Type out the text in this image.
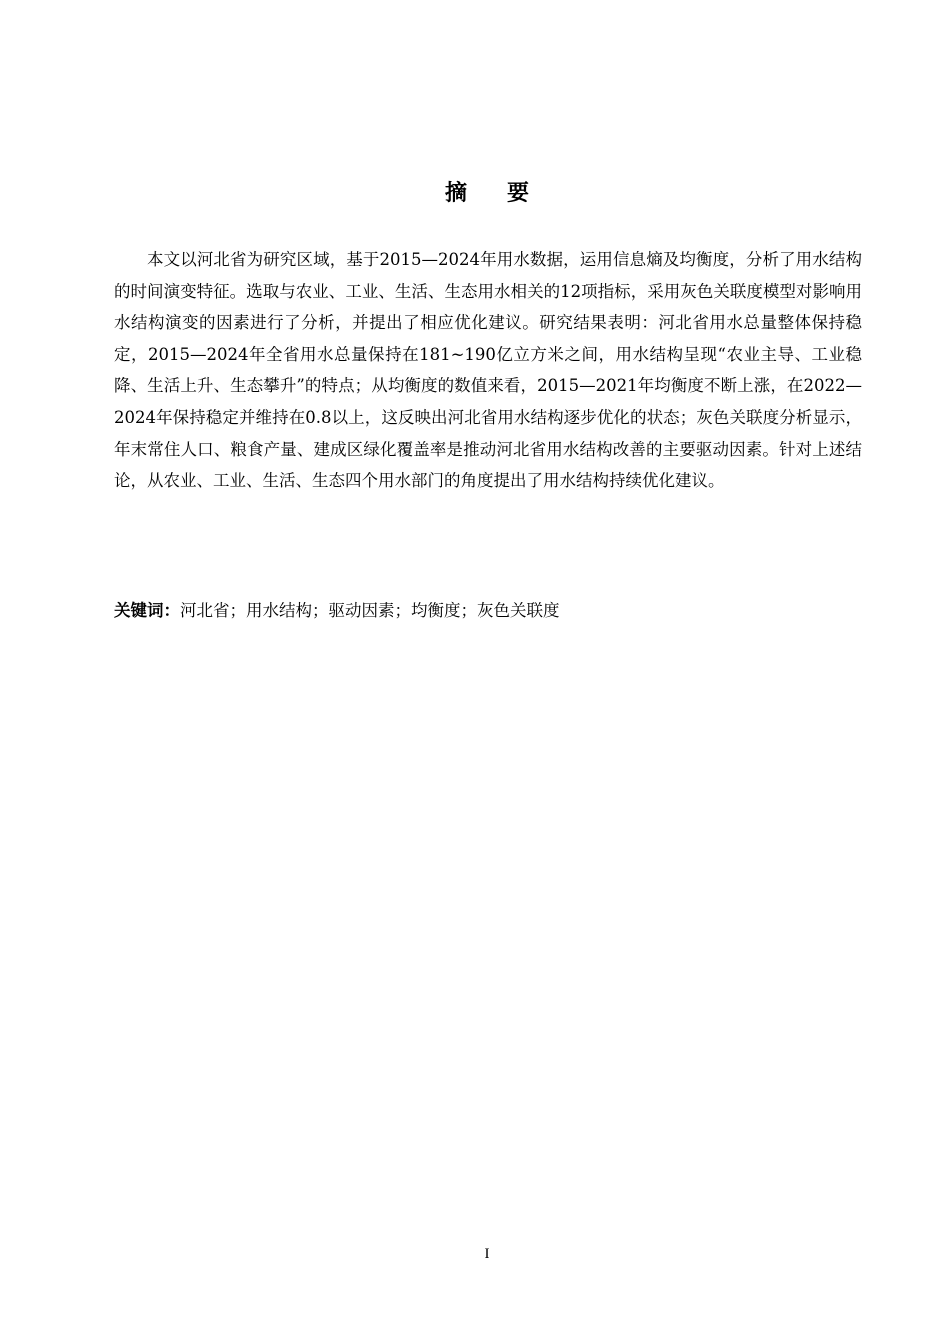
摘 要

本文以河北省为研究区域，基于2015—2024年用水数据，运用信息熵及均衡度，分析了用水结构的时间演变特征。选取与农业、工业、生活、生态用水相关的12项指标，采用灰色关联度模型对影响用水结构演变的因素进行了分析，并提出了相应优化建议。研究结果表明：河北省用水总量整体保持稳定，2015—2024年全省用水总量保持在181~190亿立方米之间，用水结构呈现“农业主导、工业稳降、生活上升、生态攀升”的特点；从均衡度的数值来看，2015—2021年均衡度不断上涨，在2022—2024年保持稳定并维持在0.8以上，这反映出河北省用水结构逐步优化的状态；灰色关联度分析显示，年末常住人口、粮食产量、建成区绿化覆盖率是推动河北省用水结构改善的主要驱动因素。针对上述结论，从农业、工业、生活、生态四个用水部门的角度提出了用水结构持续优化建议。

关键词：河北省；用水结构；驱动因素；均衡度；灰色关联度
I
